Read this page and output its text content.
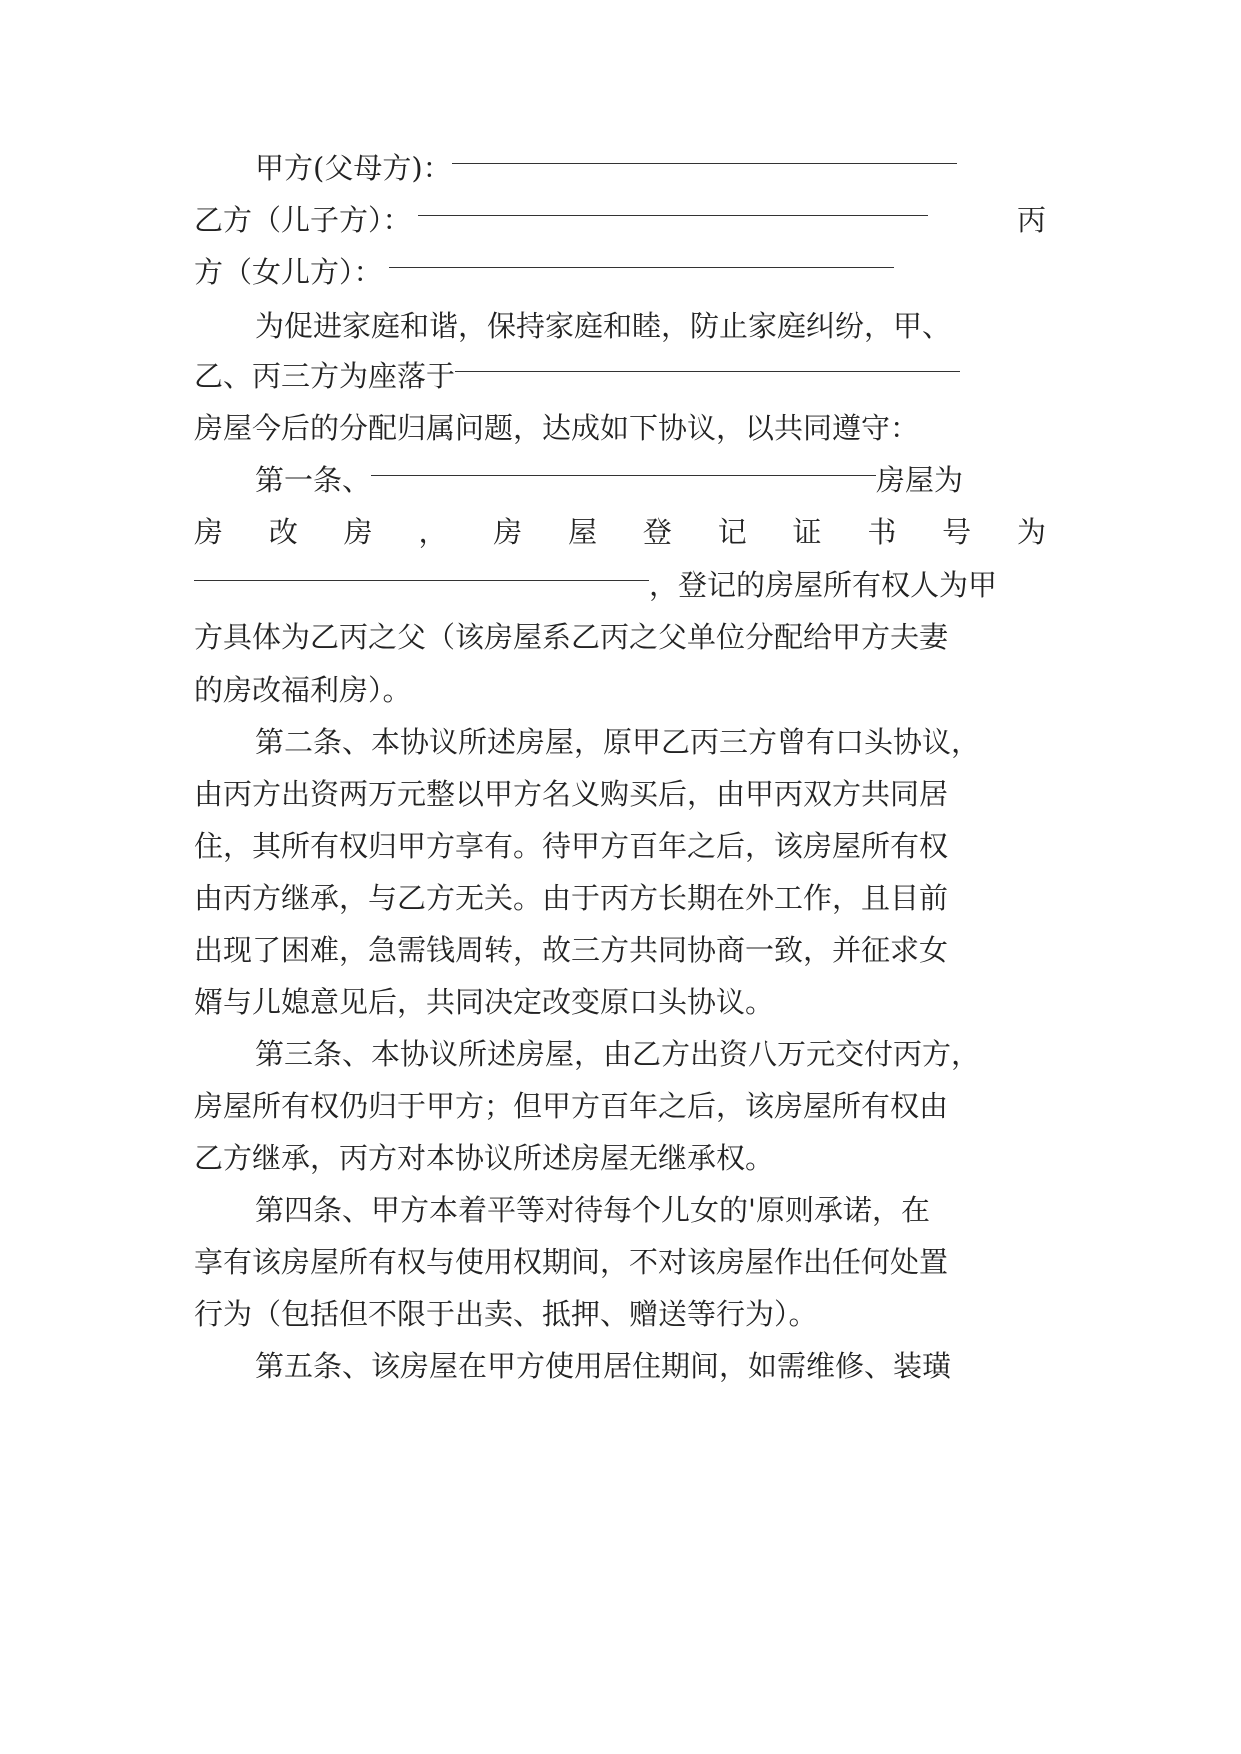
甲方(父母方)：
乙方（儿子方）：	丙
方（女儿方）：
为促进家庭和谐，保持家庭和睦，防止家庭纠纷，甲、
乙、丙三方为座落于
房屋今后的分配归属问题，达成如下协议，以共同遵守：
第一条、	房屋为
房 改 房 ， 房 屋 登 记 证 书 号 为
，登记的房屋所有权人为甲
方具体为乙丙之父（该房屋系乙丙之父单位分配给甲方夫妻
的房改福利房）。
第二条、本协议所述房屋，原甲乙丙三方曾有口头协议，
由丙方出资两万元整以甲方名义购买后，由甲丙双方共同居
住，其所有权归甲方享有。待甲方百年之后，该房屋所有权
由丙方继承，与乙方无关。由于丙方长期在外工作，且目前
出现了困难，急需钱周转，故三方共同协商一致，并征求女
婿与儿媳意见后，共同决定改变原口头协议。
第三条、本协议所述房屋，由乙方出资八万元交付丙方，
房屋所有权仍归于甲方；但甲方百年之后，该房屋所有权由
乙方继承，丙方对本协议所述房屋无继承权。
第四条、甲方本着平等对待每个儿女的'原则承诺，在
享有该房屋所有权与使用权期间，不对该房屋作出任何处置
行为（包括但不限于出卖、抵押、赠送等行为）。
第五条、该房屋在甲方使用居住期间，如需维修、装璜
